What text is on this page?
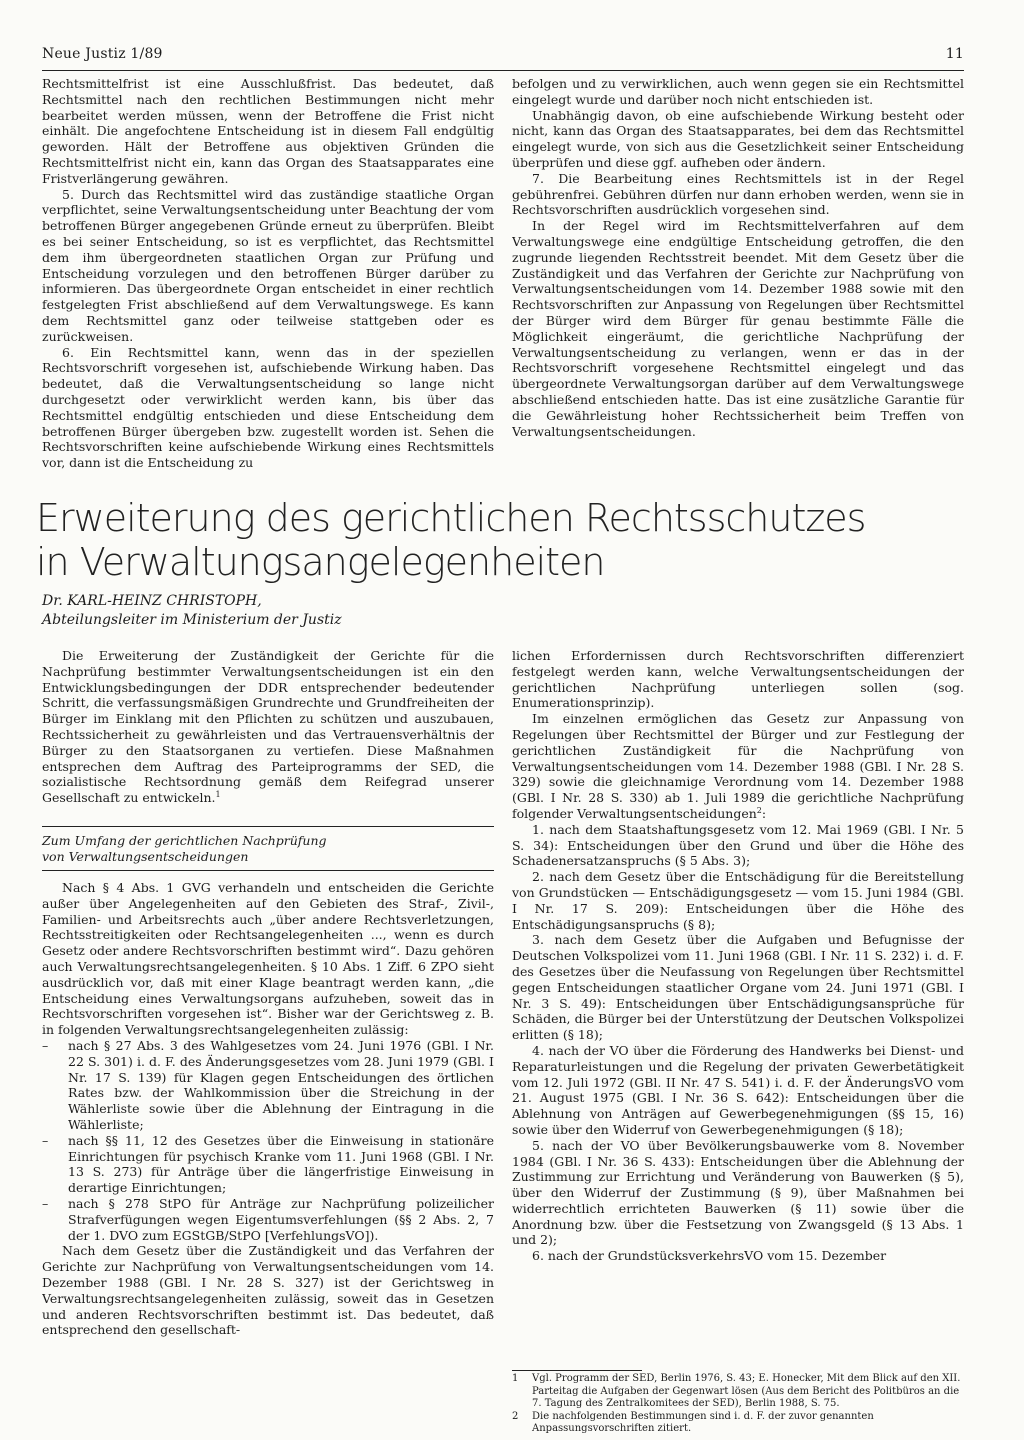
Neue Justiz 1/89	11

Rechtsmittelfrist ist eine Ausschlußfrist. Das bedeutet, daß Rechtsmittel nach den rechtlichen Bestimmungen nicht mehr bearbeitet werden müssen, wenn der Betroffene die Frist nicht einhält. Die angefochtene Entscheidung ist in diesem Fall endgültig geworden. Hält der Betroffene aus objektiven Gründen die Rechtsmittelfrist nicht ein, kann das Organ des Staatsapparates eine Fristverlängerung gewähren.

5. Durch das Rechtsmittel wird das zuständige staatliche Organ verpflichtet, seine Verwaltungsentscheidung unter Beachtung der vom betroffenen Bürger angegebenen Gründe erneut zu überprüfen. Bleibt es bei seiner Entscheidung, so ist es verpflichtet, das Rechtsmittel dem ihm übergeordneten staatlichen Organ zur Prüfung und Entscheidung vorzulegen und den betroffenen Bürger darüber zu informieren. Das übergeordnete Organ entscheidet in einer rechtlich festgelegten Frist abschließend auf dem Verwaltungswege. Es kann dem Rechtsmittel ganz oder teilweise stattgeben oder es zurückweisen.

6. Ein Rechtsmittel kann, wenn das in der speziellen Rechtsvorschrift vorgesehen ist, aufschiebende Wirkung haben. Das bedeutet, daß die Verwaltungsentscheidung so lange nicht durchgesetzt oder verwirklicht werden kann, bis über das Rechtsmittel endgültig entschieden und diese Entscheidung dem betroffenen Bürger übergeben bzw. zugestellt worden ist. Sehen die Rechtsvorschriften keine aufschiebende Wirkung eines Rechtsmittels vor, dann ist die Entscheidung zu

befolgen und zu verwirklichen, auch wenn gegen sie ein Rechtsmittel eingelegt wurde und darüber noch nicht entschieden ist.

Unabhängig davon, ob eine aufschiebende Wirkung besteht oder nicht, kann das Organ des Staatsapparates, bei dem das Rechtsmittel eingelegt wurde, von sich aus die Gesetzlichkeit seiner Entscheidung überprüfen und diese ggf. aufheben oder ändern.

7. Die Bearbeitung eines Rechtsmittels ist in der Regel gebührenfrei. Gebühren dürfen nur dann erhoben werden, wenn sie in Rechtsvorschriften ausdrücklich vorgesehen sind.

In der Regel wird im Rechtsmittelverfahren auf dem Verwaltungswege eine endgültige Entscheidung getroffen, die den zugrunde liegenden Rechtsstreit beendet. Mit dem Gesetz über die Zuständigkeit und das Verfahren der Gerichte zur Nachprüfung von Verwaltungsentscheidungen vom 14. Dezember 1988 sowie mit den Rechtsvorschriften zur Anpassung von Regelungen über Rechtsmittel der Bürger wird dem Bürger für genau bestimmte Fälle die Möglichkeit eingeräumt, die gerichtliche Nachprüfung der Verwaltungsentscheidung zu verlangen, wenn er das in der Rechtsvorschrift vorgesehene Rechtsmittel eingelegt und das übergeordnete Verwaltungsorgan darüber auf dem Verwaltungswege abschließend entschieden hatte. Das ist eine zusätzliche Garantie für die Gewährleistung hoher Rechtssicherheit beim Treffen von Verwaltungsentscheidungen.

Erweiterung des gerichtlichen Rechtsschutzes
in Verwaltungsangelegenheiten
Dr. KARL-HEINZ CHRISTOPH,
Abteilungsleiter im Ministerium der Justiz

Die Erweiterung der Zuständigkeit der Gerichte für die Nachprüfung bestimmter Verwaltungsentscheidungen ist ein den Entwicklungsbedingungen der DDR entsprechender bedeutender Schritt, die verfassungsmäßigen Grundrechte und Grundfreiheiten der Bürger im Einklang mit den Pflichten zu schützen und auszubauen, Rechtssicherheit zu gewährleisten und das Vertrauensverhältnis der Bürger zu den Staatsorganen zu vertiefen. Diese Maßnahmen entsprechen dem Auftrag des Parteiprogramms der SED, die sozialistische Rechtsordnung gemäß dem Reifegrad unserer Gesellschaft zu entwickeln.$^1$

Zum Umfang der gerichtlichen Nachprüfung
von Verwaltungsentscheidungen

Nach § 4 Abs. 1 GVG verhandeln und entscheiden die Gerichte außer über Angelegenheiten auf den Gebieten des Straf-, Zivil-, Familien- und Arbeitsrechts auch „über andere Rechtsverletzungen, Rechtsstreitigkeiten oder Rechtsangelegenheiten ..., wenn es durch Gesetz oder andere Rechtsvorschriften bestimmt wird“. Dazu gehören auch Verwaltungsrechtsangelegenheiten. § 10 Abs. 1 Ziff. 6 ZPO sieht ausdrücklich vor, daß mit einer Klage beantragt werden kann, „die Entscheidung eines Verwaltungsorgans aufzuheben, soweit das in Rechtsvorschriften vorgesehen ist“. Bisher war der Gerichtsweg z. B. in folgenden Verwaltungsrechtsangelegenheiten zulässig:

– nach § 27 Abs. 3 des Wahlgesetzes vom 24. Juni 1976 (GBl. I Nr. 22 S. 301) i. d. F. des Änderungsgesetzes vom 28. Juni 1979 (GBl. I Nr. 17 S. 139) für Klagen gegen Entscheidungen des örtlichen Rates bzw. der Wahlkommission über die Streichung in der Wählerliste sowie über die Ablehnung der Eintragung in die Wählerliste;
– nach §§ 11, 12 des Gesetzes über die Einweisung in stationäre Einrichtungen für psychisch Kranke vom 11. Juni 1968 (GBl. I Nr. 13 S. 273) für Anträge über die längerfristige Einweisung in derartige Einrichtungen;
– nach § 278 StPO für Anträge zur Nachprüfung polizeilicher Strafverfügungen wegen Eigentumsverfehlungen (§§ 2 Abs. 2, 7 der 1. DVO zum EGStGB/StPO [VerfehlungsVO]).

Nach dem Gesetz über die Zuständigkeit und das Verfahren der Gerichte zur Nachprüfung von Verwaltungsentscheidungen vom 14. Dezember 1988 (GBl. I Nr. 28 S. 327) ist der Gerichtsweg in Verwaltungsrechtsangelegenheiten zulässig, soweit das in Gesetzen und anderen Rechtsvorschriften bestimmt ist. Das bedeutet, daß entsprechend den gesellschaft-

lichen Erfordernissen durch Rechtsvorschriften differenziert festgelegt werden kann, welche Verwaltungsentscheidungen der gerichtlichen Nachprüfung unterliegen sollen (sog. Enumerationsprinzip).

Im einzelnen ermöglichen das Gesetz zur Anpassung von Regelungen über Rechtsmittel der Bürger und zur Festlegung der gerichtlichen Zuständigkeit für die Nachprüfung von Verwaltungsentscheidungen vom 14. Dezember 1988 (GBl. I Nr. 28 S. 329) sowie die gleichnamige Verordnung vom 14. Dezember 1988 (GBl. I Nr. 28 S. 330) ab 1. Juli 1989 die gerichtliche Nachprüfung folgender Verwaltungsentscheidungen$^2$:

1. nach dem Staatshaftungsgesetz vom 12. Mai 1969 (GBl. I Nr. 5 S. 34): Entscheidungen über den Grund und über die Höhe des Schadenersatzanspruchs (§ 5 Abs. 3);

2. nach dem Gesetz über die Entschädigung für die Bereitstellung von Grundstücken — Entschädigungsgesetz — vom 15. Juni 1984 (GBl. I Nr. 17 S. 209): Entscheidungen über die Höhe des Entschädigungsanspruchs (§ 8);

3. nach dem Gesetz über die Aufgaben und Befugnisse der Deutschen Volkspolizei vom 11. Juni 1968 (GBl. I Nr. 11 S. 232) i. d. F. des Gesetzes über die Neufassung von Regelungen über Rechtsmittel gegen Entscheidungen staatlicher Organe vom 24. Juni 1971 (GBl. I Nr. 3 S. 49): Entscheidungen über Entschädigungsansprüche für Schäden, die Bürger bei der Unterstützung der Deutschen Volkspolizei erlitten (§ 18);

4. nach der VO über die Förderung des Handwerks bei Dienst- und Reparaturleistungen und die Regelung der privaten Gewerbetätigkeit vom 12. Juli 1972 (GBl. II Nr. 47 S. 541) i. d. F. der ÄnderungsVO vom 21. August 1975 (GBl. I Nr. 36 S. 642): Entscheidungen über die Ablehnung von Anträgen auf Gewerbegenehmigungen (§§ 15, 16) sowie über den Widerruf von Gewerbegenehmigungen (§ 18);

5. nach der VO über Bevölkerungsbauwerke vom 8. November 1984 (GBl. I Nr. 36 S. 433): Entscheidungen über die Ablehnung der Zustimmung zur Errichtung und Veränderung von Bauwerken (§ 5), über den Widerruf der Zustimmung (§ 9), über Maßnahmen bei widerrechtlich errichteten Bauwerken (§ 11) sowie über die Anordnung bzw. über die Festsetzung von Zwangsgeld (§ 13 Abs. 1 und 2);

6. nach der GrundstücksverkehrsVO vom 15. Dezember

1 Vgl. Programm der SED, Berlin 1976, S. 43; E. Honecker, Mit dem Blick auf den XII. Parteitag die Aufgaben der Gegenwart lösen (Aus dem Bericht des Politbüros an die 7. Tagung des Zentralkomitees der SED), Berlin 1988, S. 75.
2 Die nachfolgenden Bestimmungen sind i. d. F. der zuvor genannten Anpassungsvorschriften zitiert.
